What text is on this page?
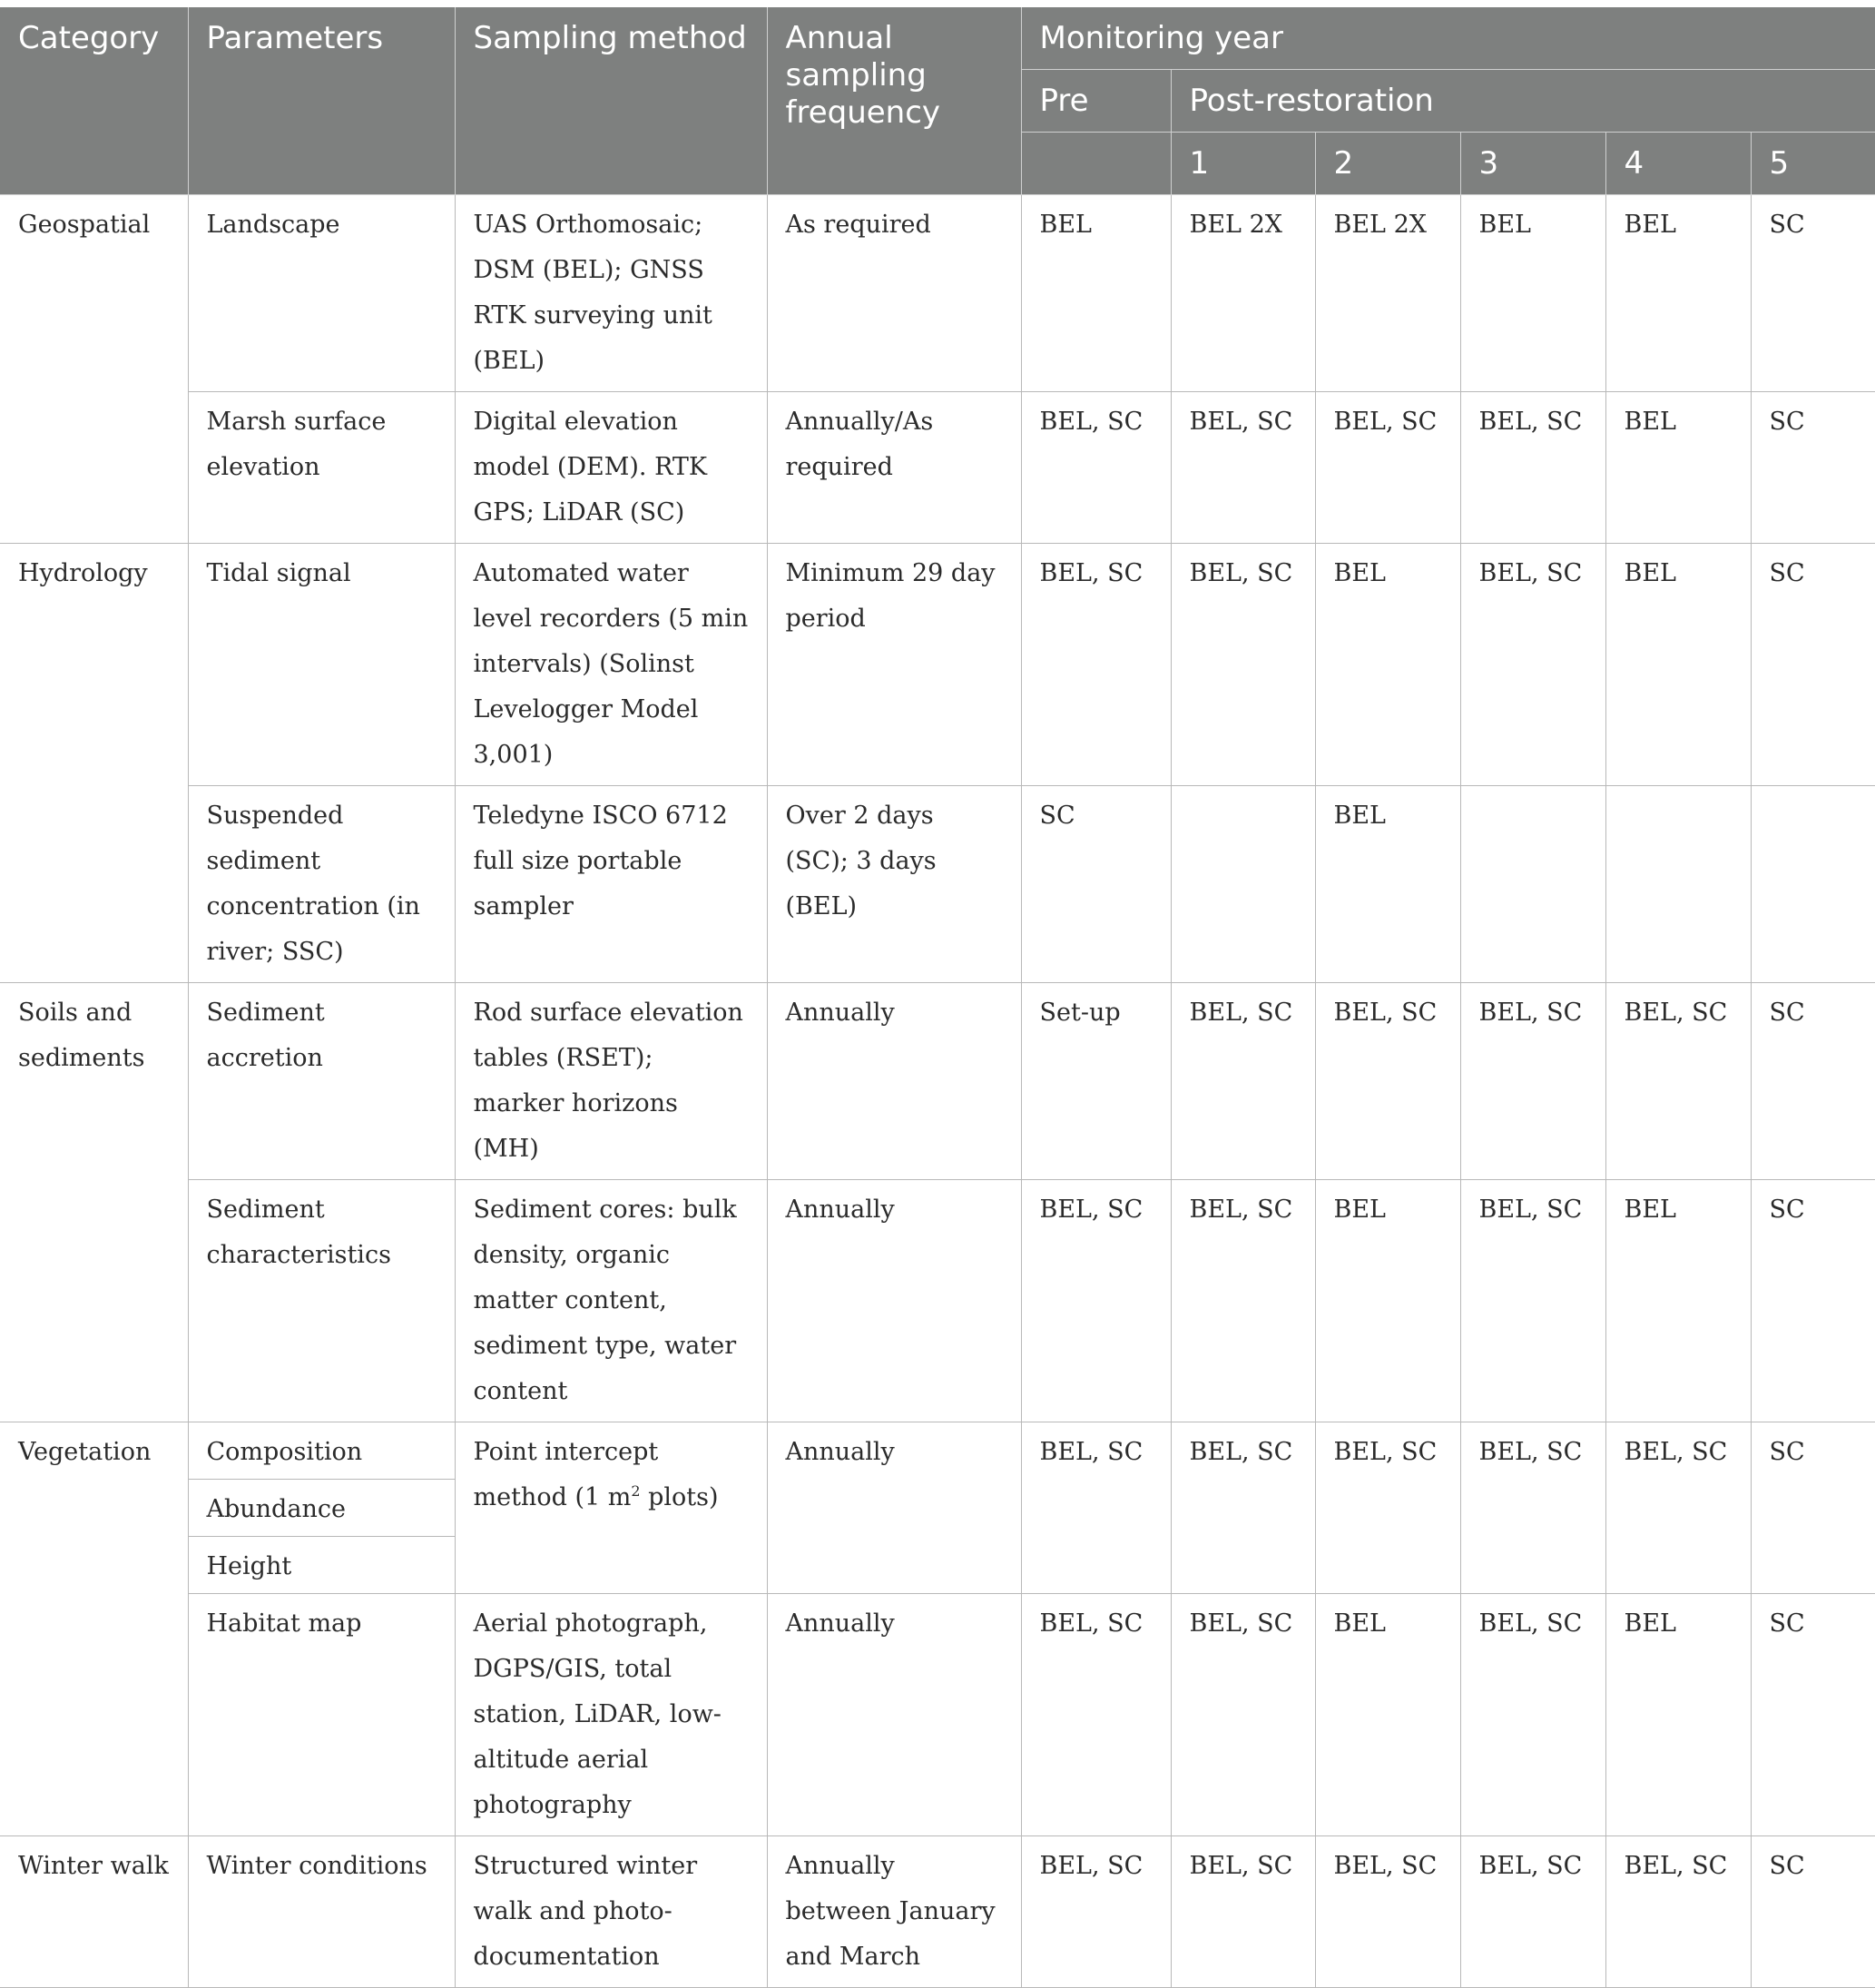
Category	Parameters	Sampling method	Annual sampling frequency	Monitoring year					
				Pre	Post-restoration				
					1	2	3	4	5
Geospatial	Landscape	UAS Orthomosaic; DSM (BEL); GNSS RTK surveying unit (BEL)	As required	BEL	BEL 2X	BEL 2X	BEL	BEL	SC
	Marsh surface elevation	Digital elevation model (DEM). RTK GPS; LiDAR (SC)	Annually/As required	BEL, SC	BEL, SC	BEL, SC	BEL, SC	BEL	SC
Hydrology	Tidal signal	Automated water level recorders (5 min intervals) (Solinst Levelogger Model 3,001)	Minimum 29 day period	BEL, SC	BEL, SC	BEL	BEL, SC	BEL	SC
	Suspended sediment concentration (in river; SSC)	Teledyne ISCO 6712 full size portable sampler	Over 2 days (SC); 3 days (BEL)	SC		BEL			
Soils and sediments	Sediment accretion	Rod surface elevation tables (RSET); marker horizons (MH)	Annually	Set-up	BEL, SC	BEL, SC	BEL, SC	BEL, SC	SC
	Sediment characteristics	Sediment cores: bulk density, organic matter content, sediment type, water content	Annually	BEL, SC	BEL, SC	BEL	BEL, SC	BEL	SC
Vegetation	Composition	Point intercept method (1 $m^2$ plots)	Annually	BEL, SC	BEL, SC	BEL, SC	BEL, SC	BEL, SC	SC
	Abundance								
	Height								
	Habitat map	Aerial photograph, DGPS/GIS, total station, LiDAR, low-altitude aerial photography	Annually	BEL, SC	BEL, SC	BEL	BEL, SC	BEL	SC
Winter walk	Winter conditions	Structured winter walk and photo-documentation	Annually between January and March	BEL, SC	BEL, SC	BEL, SC	BEL, SC	BEL, SC	SC
